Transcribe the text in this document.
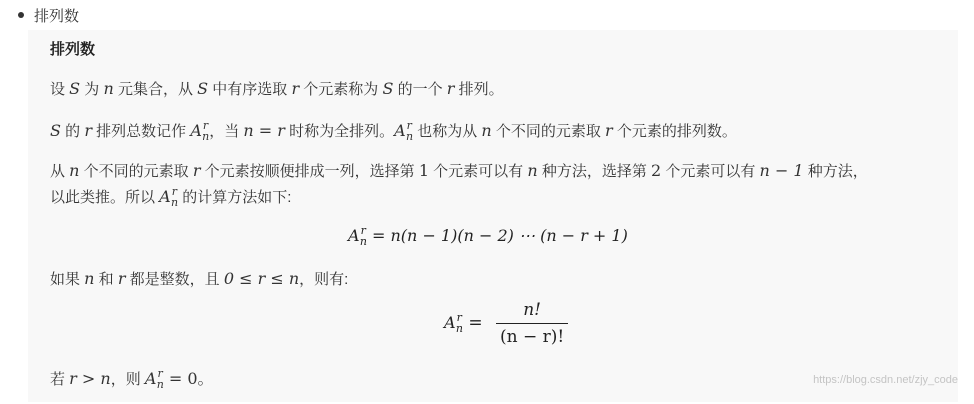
排列数
排列数
设 S 为 n 元集合，从 S 中有序选取 r 个元素称为 S 的一个 r 排列。
S 的 r 排列总数记作 $A^r_n$，当 n = r 时称为全排列。$A^r_n$ 也称为从 n 个不同的元素取 r 个元素的排列数。
从 n 个不同的元素取 r 个元素按顺便排成一列，选择第 1 个元素可以有 n 种方法，选择第 2 个元素可以有 n − 1 种方法，
以此类推。所以 $A^r_n$ 的计算方法如下:
$A^r_n = n(n - 1)(n - 2)$ ⋯ (n − r + 1)
如果 n 和 r 都是整数，且 0 ≤ r ≤ n，则有:
$A^r_n = \frac{n!}{(n - r)!}$
若 r > n，则 $A^r_n = 0$。	https://blog.csdn.net/zjy_code
